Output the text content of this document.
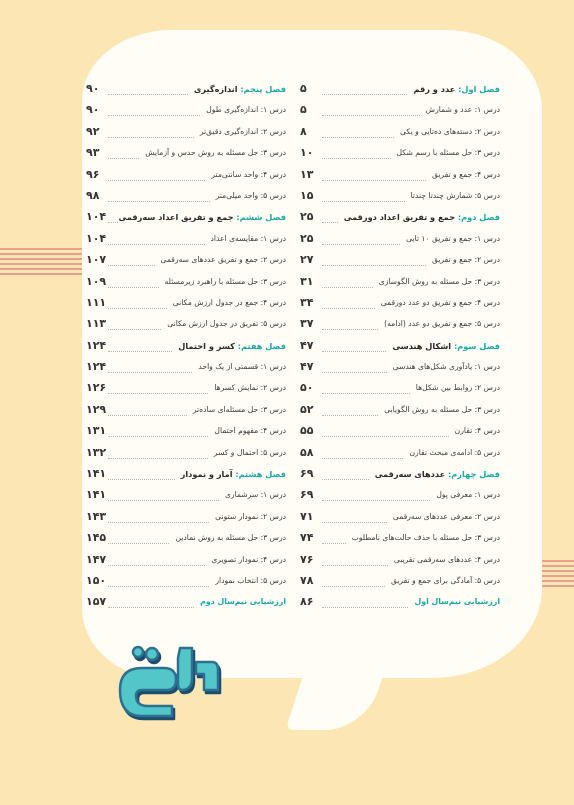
فصل اول: عدد و رقم
۵
درس ۱: عدد و شمارش
۵
درس ۲: دسته‌های ده‌تایی و یکی
۸
درس ۳: حل مسئله با رسم شکل
۱۰
درس ۴: جمع و تفریق
۱۳
درس ۵: شمارش چندتا چندتا
۱۵
فصل دوم: جمع و تفریق اعداد دورقمی
۲۵
درس ۱: جمع و تفریق ۱۰ تایی
۲۵
درس ۲: جمع و تفریق
۲۷
درس ۳: حل مسئله به روش الگوسازی
۳۱
درس ۴: جمع و تفریق دو عدد دورقمی
۳۴
درس ۵: جمع و تفریق دو عدد (ادامه)
۳۷
فصل سوم: اشکال هندسی
۴۷
درس ۱: یادآوری شکل‌های هندسی
۴۷
درس ۲: روابط بین شکل‌ها
۵۰
درس ۳: حل مسئله به روش الگویابی
۵۲
درس ۴: تقارن
۵۵
درس ۵: ادامه‌ی مبحث تقارن
۵۸
فصل چهارم: عددهای سه‌رقمی
۶۹
درس ۱: معرفی پول
۶۹
درس ۲: معرفی عددهای سه‌رقمی
۷۱
درس ۳: حل مسئله با حذف حالت‌های نامطلوب
۷۴
درس ۴: عددهای سه‌رقمی تقریبی
۷۶
درس ۵: آمادگی برای جمع و تفریق
۷۸
ارزشیابی نیم‌سال اول
۸۶
فصل پنجم: اندازه‌گیری
۹۰
درس ۱: اندازه‌گیری طول
۹۰
درس ۲: اندازه‌گیری دقیق‌تر
۹۲
درس ۳: حل مسئله به روش حدس و آزمایش
۹۳
درس ۴: واحد سانتی‌متر
۹۶
درس ۵: واحد میلی‌متر
۹۸
فصل ششم: جمع و تفریق اعداد سه‌رقمی
۱۰۴
درس ۱: مقایسه‌ی اعداد
۱۰۴
درس ۲: جمع و تفریق عددهای سه‌رقمی
۱۰۷
درس ۳: حل مسئله با راهبرد زیرمسئله
۱۰۹
درس ۴: جمع در جدول ارزش مکانی
۱۱۱
درس ۵: تفریق در جدول ارزش مکانی
۱۱۳
فصل هفتم: کسر و احتمال
۱۲۴
درس ۱: قسمتی از یک واحد
۱۲۴
درس ۲: نمایش کسرها
۱۲۶
درس ۳: حل مسئله‌ای ساده‌تر
۱۲۹
درس ۴: مفهوم احتمال
۱۳۱
درس ۵: احتمال و کسر
۱۳۲
فصل هشتم: آمار و نمودار
۱۴۱
درس ۱: سرشماری
۱۴۱
درس ۲: نمودار ستونی
۱۴۳
درس ۳: حل مسئله به روش نمادین
۱۴۵
درس ۴: نمودار تصویری
۱۴۷
درس ۵: انتخاب نمودار
۱۵۰
ارزشیابی نیم‌سال دوم
۱۵۷
